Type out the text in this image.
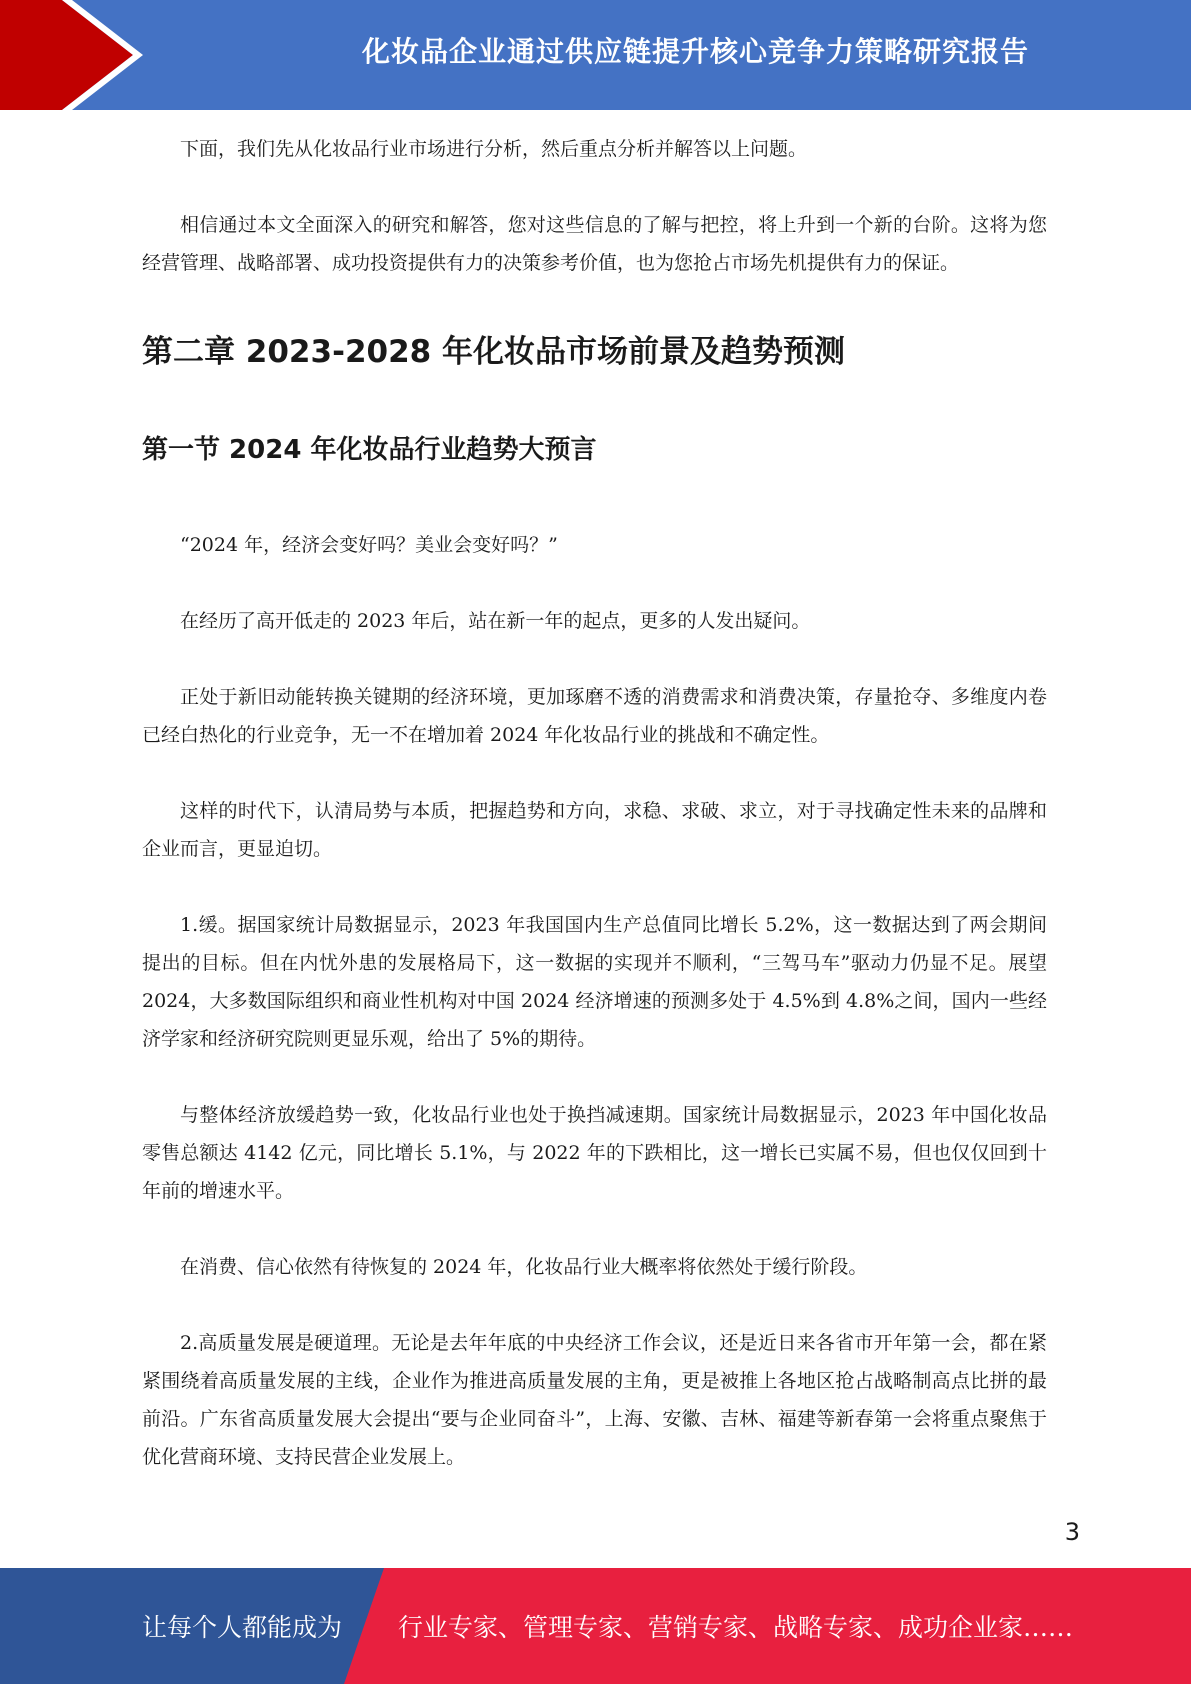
化妆品企业通过供应链提升核心竞争力策略研究报告

下面，我们先从化妆品行业市场进行分析，然后重点分析并解答以上问题。

相信通过本文全面深入的研究和解答，您对这些信息的了解与把控，将上升到一个新的台阶。这将为您经营管理、战略部署、成功投资提供有力的决策参考价值，也为您抢占市场先机提供有力的保证。

第二章 2023-2028 年化妆品市场前景及趋势预测
第一节 2024 年化妆品行业趋势大预言

“2024 年，经济会变好吗？美业会变好吗？”

在经历了高开低走的 2023 年后，站在新一年的起点，更多的人发出疑问。

正处于新旧动能转换关键期的经济环境，更加琢磨不透的消费需求和消费决策，存量抢夺、多维度内卷已经白热化的行业竞争，无一不在增加着 2024 年化妆品行业的挑战和不确定性。

这样的时代下，认清局势与本质，把握趋势和方向，求稳、求破、求立，对于寻找确定性未来的品牌和企业而言，更显迫切。

1.缓。据国家统计局数据显示，2023 年我国国内生产总值同比增长 5.2%，这一数据达到了两会期间提出的目标。但在内忧外患的发展格局下，这一数据的实现并不顺利，“三驾马车”驱动力仍显不足。展望 2024，大多数国际组织和商业性机构对中国 2024 经济增速的预测多处于 4.5%到 4.8%之间，国内一些经济学家和经济研究院则更显乐观，给出了 5%的期待。

与整体经济放缓趋势一致，化妆品行业也处于换挡减速期。国家统计局数据显示，2023 年中国化妆品零售总额达 4142 亿元，同比增长 5.1%，与 2022 年的下跌相比，这一增长已实属不易，但也仅仅回到十年前的增速水平。

在消费、信心依然有待恢复的 2024 年，化妆品行业大概率将依然处于缓行阶段。

2.高质量发展是硬道理。无论是去年年底的中央经济工作会议，还是近日来各省市开年第一会，都在紧紧围绕着高质量发展的主线，企业作为推进高质量发展的主角，更是被推上各地区抢占战略制高点比拼的最前沿。广东省高质量发展大会提出“要与企业同奋斗”，上海、安徽、吉林、福建等新春第一会将重点聚焦于优化营商环境、支持民营企业发展上。

3
让每个人都能成为 行业专家、管理专家、营销专家、战略专家、成功企业家……
